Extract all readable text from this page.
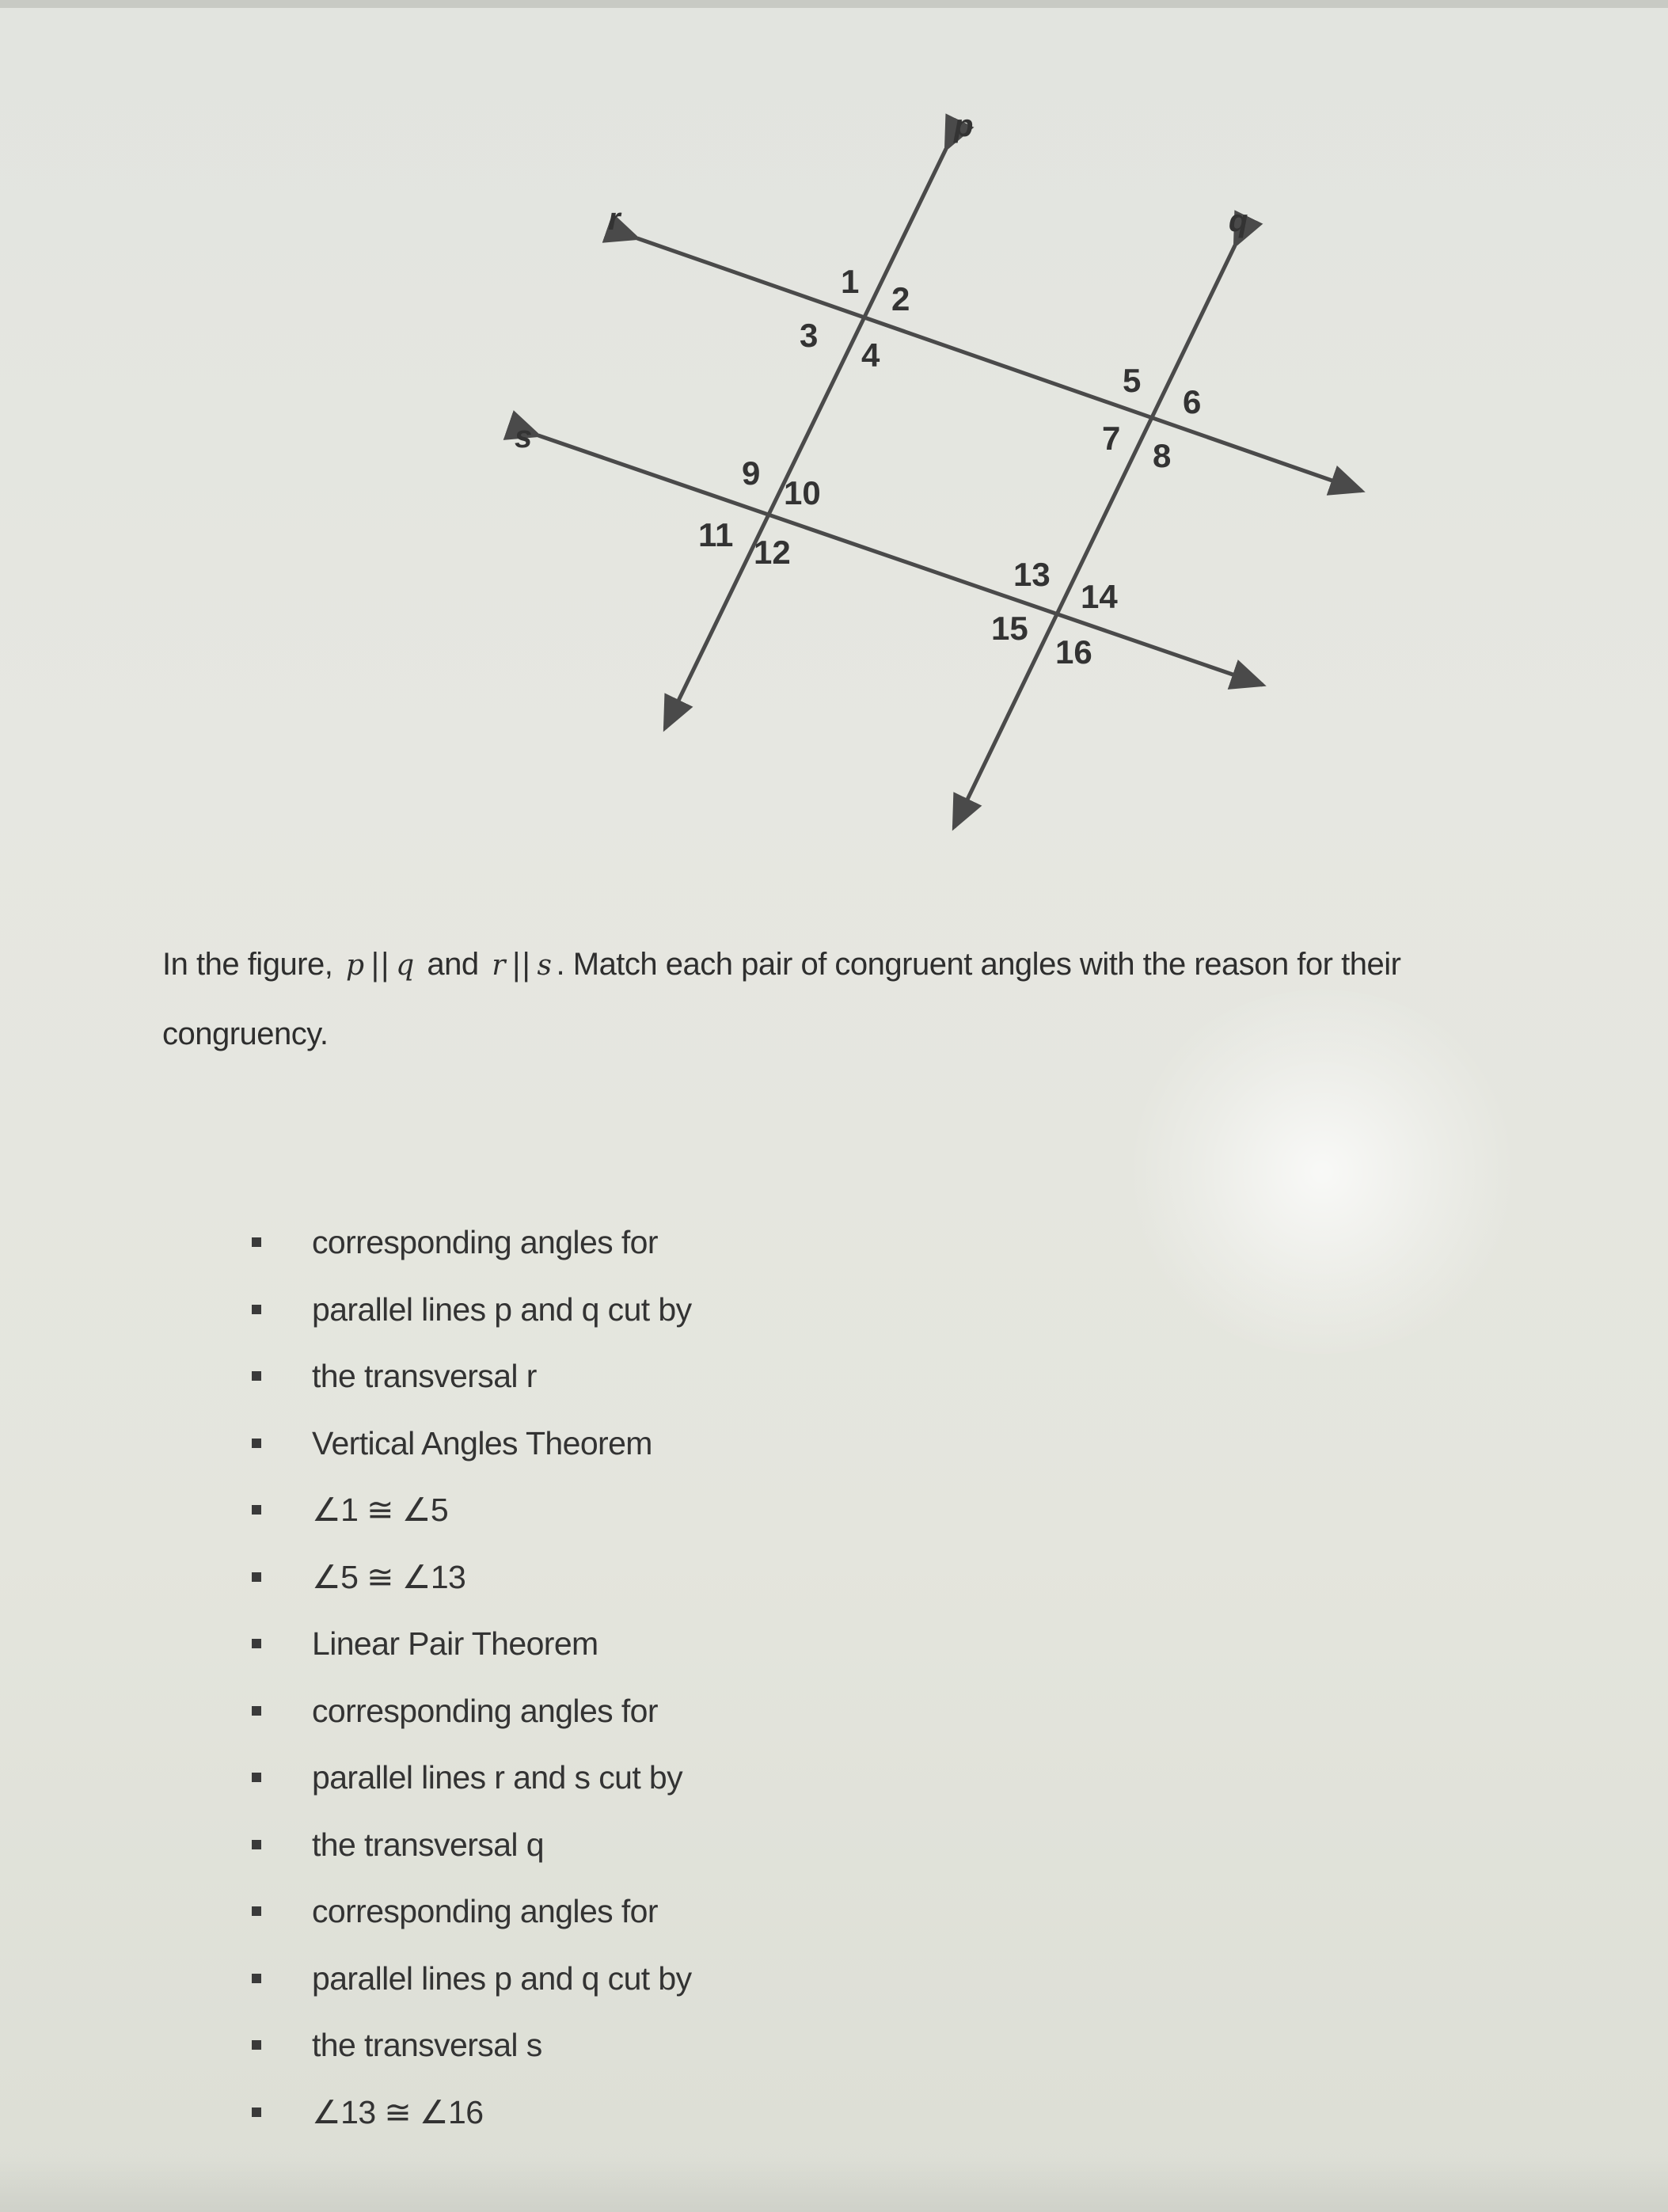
p
q
r
s
1 2
3
4
5
6
7 8
9
10
11 12
13
14
15
16
In the figure, p || q and r || s . Match each pair of congruent angles with the reason for their congruency.
corresponding angles for
parallel lines p and q cut by
the transversal r
Vertical Angles Theorem
∠1 ≅ ∠5
∠5 ≅ ∠13
Linear Pair Theorem
corresponding angles for
parallel lines r and s cut by
the transversal q
corresponding angles for
parallel lines p and q cut by
the transversal s
∠13 ≅ ∠16
